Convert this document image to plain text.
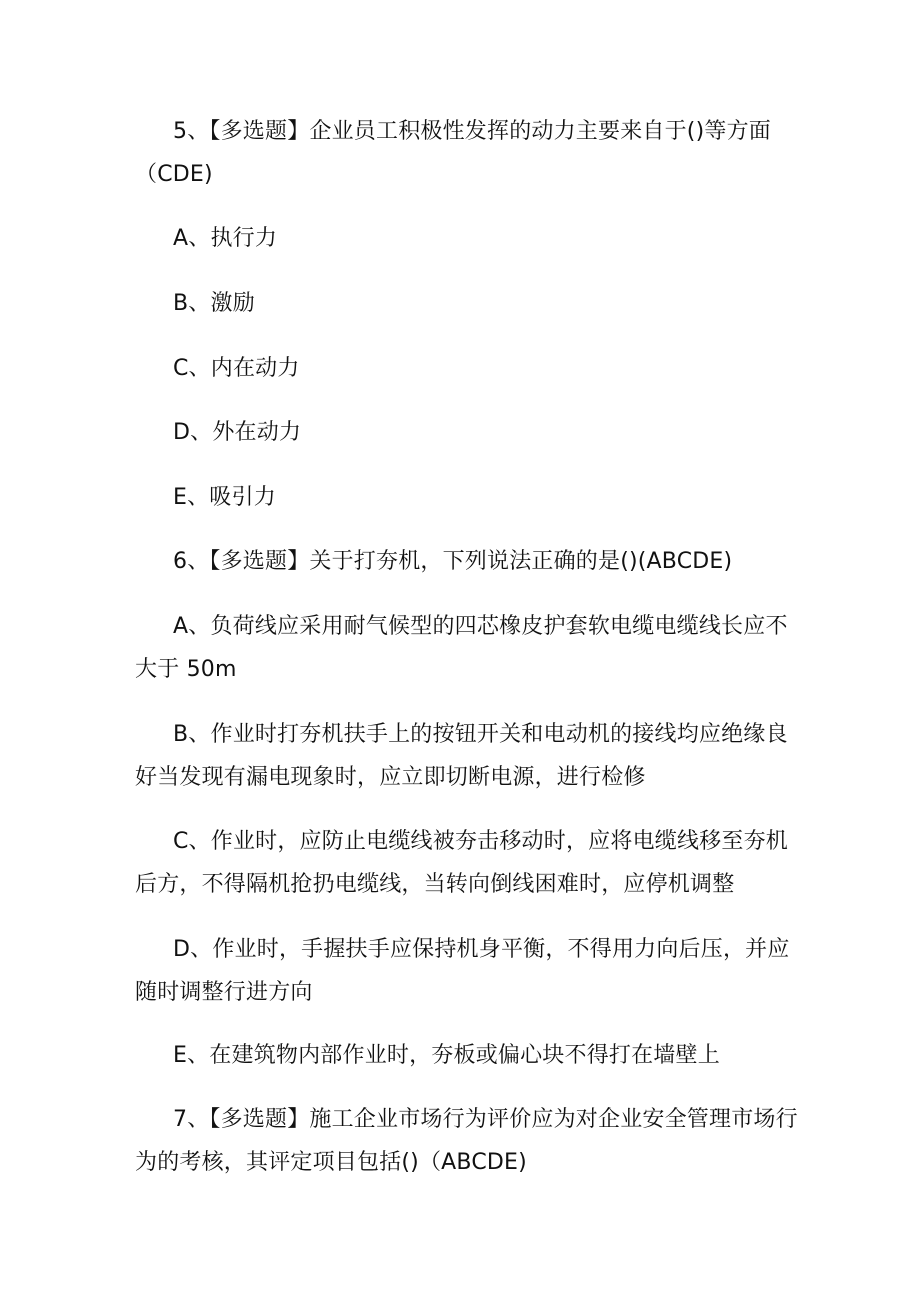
5、【多选题】企业员工积极性发挥的动力主要来自于()等方面（CDE)

A、执行力

B、激励

C、内在动力

D、外在动力

E、吸引力

6、【多选题】关于打夯机，下列说法正确的是()(ABCDE)

A、负荷线应采用耐气候型的四芯橡皮护套软电缆电缆线长应不大于 50m

B、作业时打夯机扶手上的按钮开关和电动机的接线均应绝缘良好当发现有漏电现象时，应立即切断电源，进行检修

C、作业时，应防止电缆线被夯击移动时，应将电缆线移至夯机后方，不得隔机抢扔电缆线，当转向倒线困难时，应停机调整

D、作业时，手握扶手应保持机身平衡，不得用力向后压，并应随时调整行进方向

E、在建筑物内部作业时，夯板或偏心块不得打在墙壁上

7、【多选题】施工企业市场行为评价应为对企业安全管理市场行为的考核，其评定项目包括()（ABCDE)
